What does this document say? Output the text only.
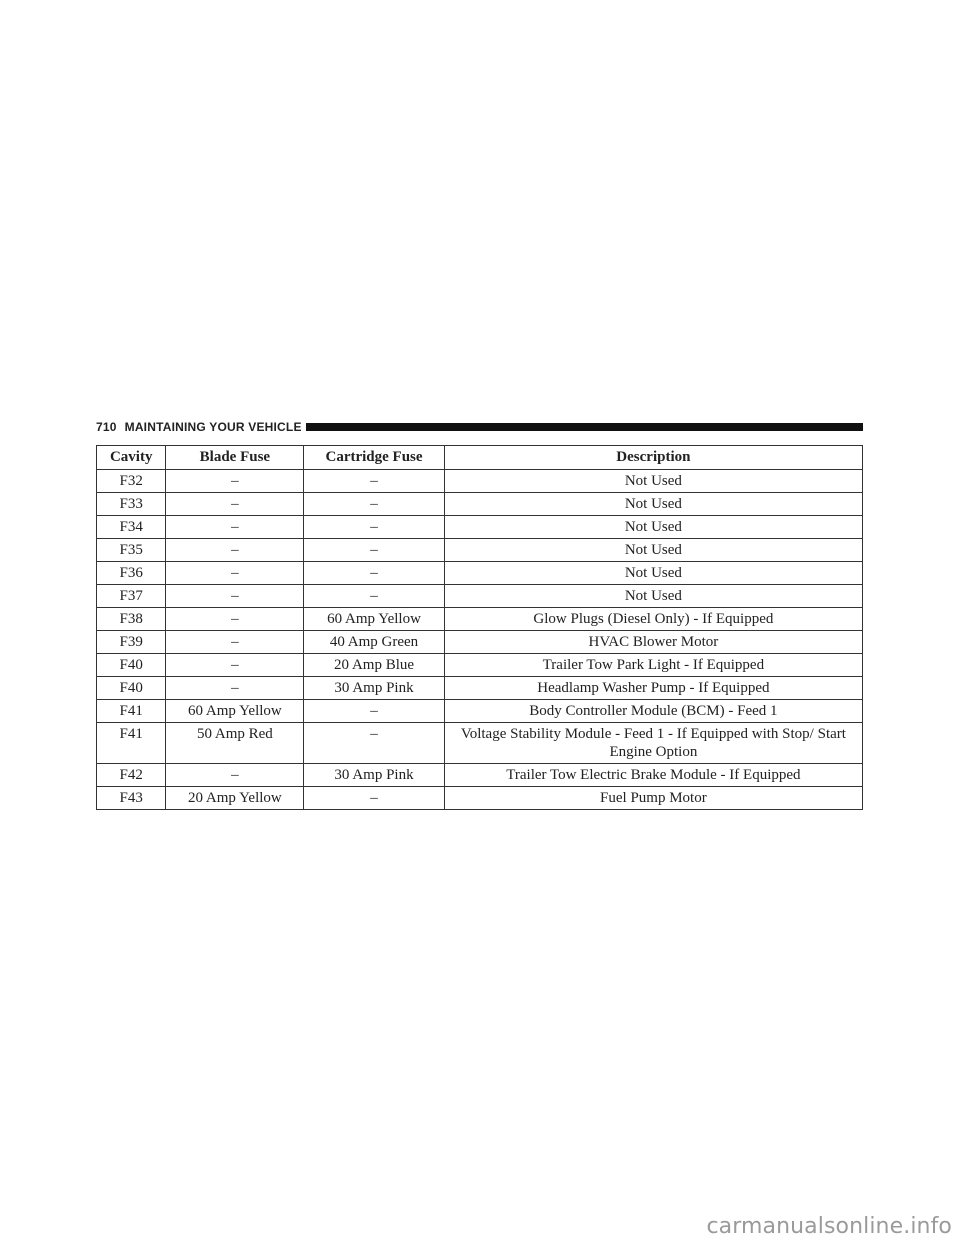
710 MAINTAINING YOUR VEHICLE
Cavity	Blade Fuse	Cartridge Fuse	Description
F32	–	–	Not Used
F33	–	–	Not Used
F34	–	–	Not Used
F35	–	–	Not Used
F36	–	–	Not Used
F37	–	–	Not Used
F38	–	60 Amp Yellow	Glow Plugs (Diesel Only) - If Equipped
F39	–	40 Amp Green	HVAC Blower Motor
F40	–	20 Amp Blue	Trailer Tow Park Light - If Equipped
F40	–	30 Amp Pink	Headlamp Washer Pump - If Equipped
F41	60 Amp Yellow	–	Body Controller Module (BCM) - Feed 1
F41	50 Amp Red	–	Voltage Stability Module - Feed 1 - If Equipped with Stop/ Start Engine Option
F42	–	30 Amp Pink	Trailer Tow Electric Brake Module - If Equipped
F43	20 Amp Yellow	–	Fuel Pump Motor
carmanualsonline.info
